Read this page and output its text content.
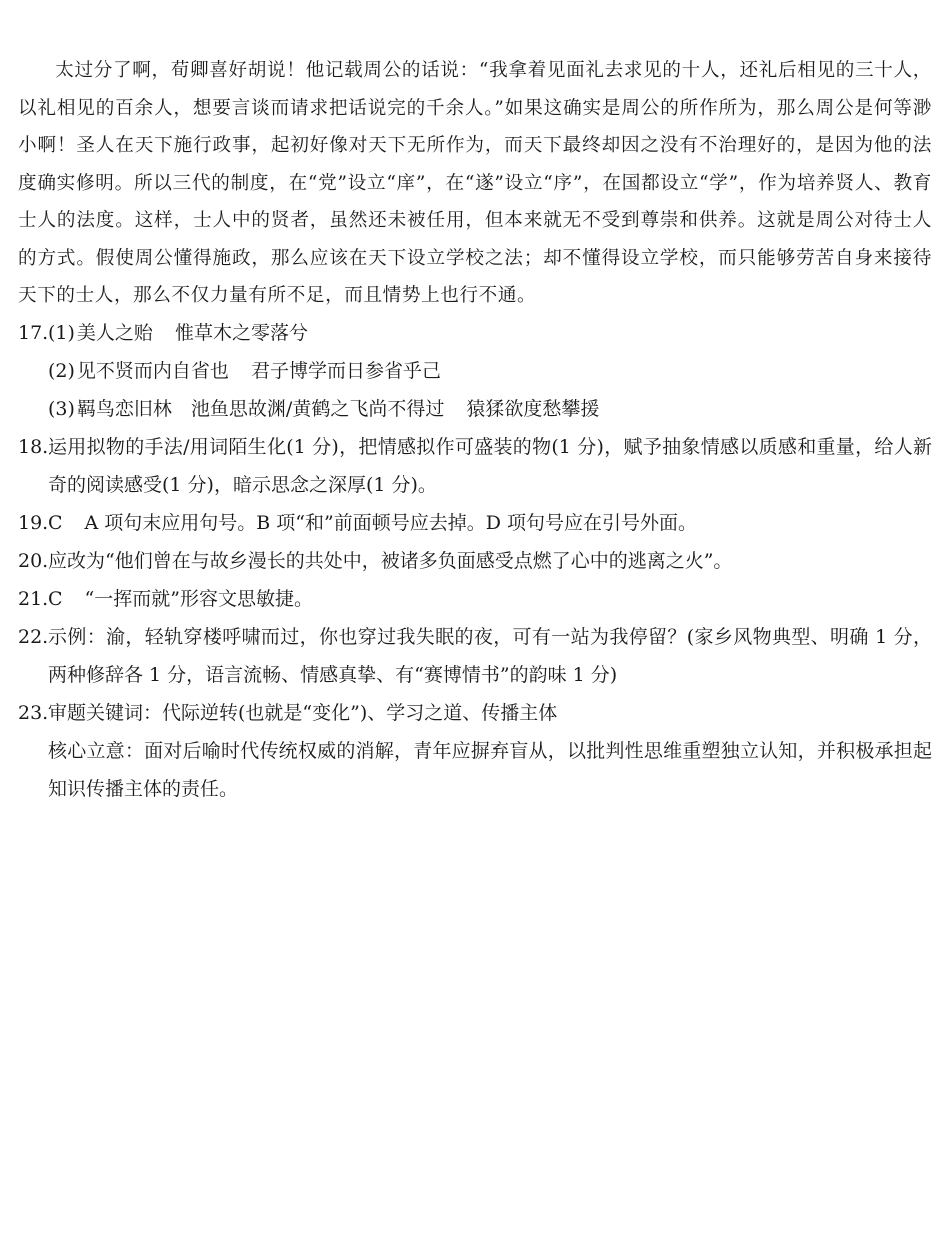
太过分了啊，荀卿喜好胡说！他记载周公的话说：“我拿着见面礼去求见的十人，还礼后相见的三十人，以礼相见的百余人，想要言谈而请求把话说完的千余人。”如果这确实是周公的所作所为，那么周公是何等渺小啊！圣人在天下施行政事，起初好像对天下无所作为，而天下最终却因之没有不治理好的，是因为他的法度确实修明。所以三代的制度，在“党”设立“庠”，在“遂”设立“序”，在国都设立“学”，作为培养贤人、教育士人的法度。这样，士人中的贤者，虽然还未被任用，但本来就无不受到尊崇和供养。这就是周公对待士人的方式。假使周公懂得施政，那么应该在天下设立学校之法；却不懂得设立学校，而只能够劳苦自身来接待天下的士人，那么不仅力量有所不足，而且情势上也行不通。

17. (1) 美人之贻 惟草木之零落兮
(2) 见不贤而内自省也 君子博学而日参省乎己
(3) 羁鸟恋旧林　池鱼思故渊/黄鹤之飞尚不得过 猿猱欲度愁攀援
18. 运用拟物的手法/用词陌生化(1 分)，把情感拟作可盛装的物(1 分)，赋予抽象情感以质感和重量，给人新奇的阅读感受(1 分)，暗示思念之深厚(1 分)。
19. C A 项句末应用句号。B 项“和”前面顿号应去掉。D 项句号应在引号外面。
20. 应改为“他们曾在与故乡漫长的共处中，被诸多负面感受点燃了心中的逃离之火”。
21. C “一挥而就”形容文思敏捷。
22. 示例：渝，轻轨穿楼呼啸而过，你也穿过我失眠的夜，可有一站为我停留？(家乡风物典型、明确 1 分，两种修辞各 1 分，语言流畅、情感真挚、有“赛博情书”的韵味 1 分)
23. 审题关键词：代际逆转(也就是“变化”)、学习之道、传播主体
核心立意：面对后喻时代传统权威的消解，青年应摒弃盲从，以批判性思维重塑独立认知，并积极承担起知识传播主体的责任。
